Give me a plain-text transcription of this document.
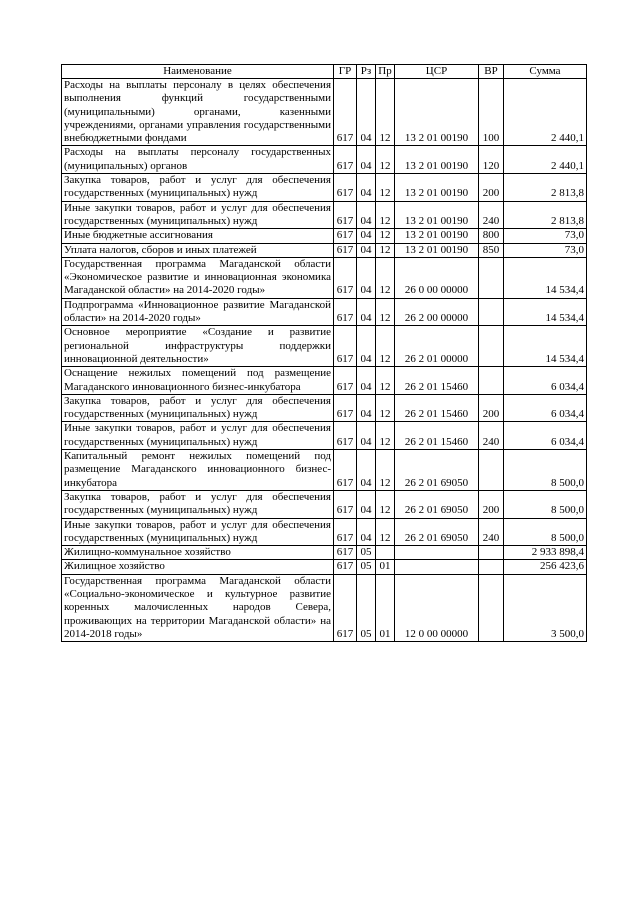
Наименование	ГР	Рз	Пр	ЦСР	ВР	Сумма
Расходы на выплаты персоналу в целях обеспечения выполнения функций государственными (муниципальными) органами, казенными учреждениями, органами управления государственными внебюджетными фондами	617	04	12	13 2 01 00190	100	2 440,1
Расходы на выплаты персоналу государственных (муниципальных) органов	617	04	12	13 2 01 00190	120	2 440,1
Закупка товаров, работ и услуг для обеспечения государственных (муниципальных) нужд	617	04	12	13 2 01 00190	200	2 813,8
Иные закупки товаров, работ и услуг для обеспечения государственных (муниципальных) нужд	617	04	12	13 2 01 00190	240	2 813,8
Иные бюджетные ассигнования	617	04	12	13 2 01 00190	800	73,0
Уплата налогов, сборов и иных платежей	617	04	12	13 2 01 00190	850	73,0
Государственная программа Магаданской области «Экономическое развитие и инновационная экономика Магаданской области» на 2014-2020 годы»	617	04	12	26 0 00 00000		14 534,4
Подпрограмма «Инновационное развитие Магаданской области» на 2014-2020 годы»	617	04	12	26 2 00 00000		14 534,4
Основное мероприятие «Создание и развитие региональной инфраструктуры поддержки инновационной деятельности»	617	04	12	26 2 01 00000		14 534,4
Оснащение нежилых помещений под размещение Магаданского инновационного бизнес-инкубатора	617	04	12	26 2 01 15460		6 034,4
Закупка товаров, работ и услуг для обеспечения государственных (муниципальных) нужд	617	04	12	26 2 01 15460	200	6 034,4
Иные закупки товаров, работ и услуг для обеспечения государственных (муниципальных) нужд	617	04	12	26 2 01 15460	240	6 034,4
Капитальный ремонт нежилых помещений под размещение Магаданского инновационного бизнес-инкубатора	617	04	12	26 2 01 69050		8 500,0
Закупка товаров, работ и услуг для обеспечения государственных (муниципальных) нужд	617	04	12	26 2 01 69050	200	8 500,0
Иные закупки товаров, работ и услуг для обеспечения государственных (муниципальных) нужд	617	04	12	26 2 01 69050	240	8 500,0
Жилищно-коммунальное хозяйство	617	05				2 933 898,4
Жилищное хозяйство	617	05	01			256 423,6
Государственная программа Магаданской области «Социально-экономическое и культурное развитие коренных малочисленных народов Севера, проживающих на территории Магаданской области» на 2014-2018 годы»	617	05	01	12 0 00 00000		3 500,0
